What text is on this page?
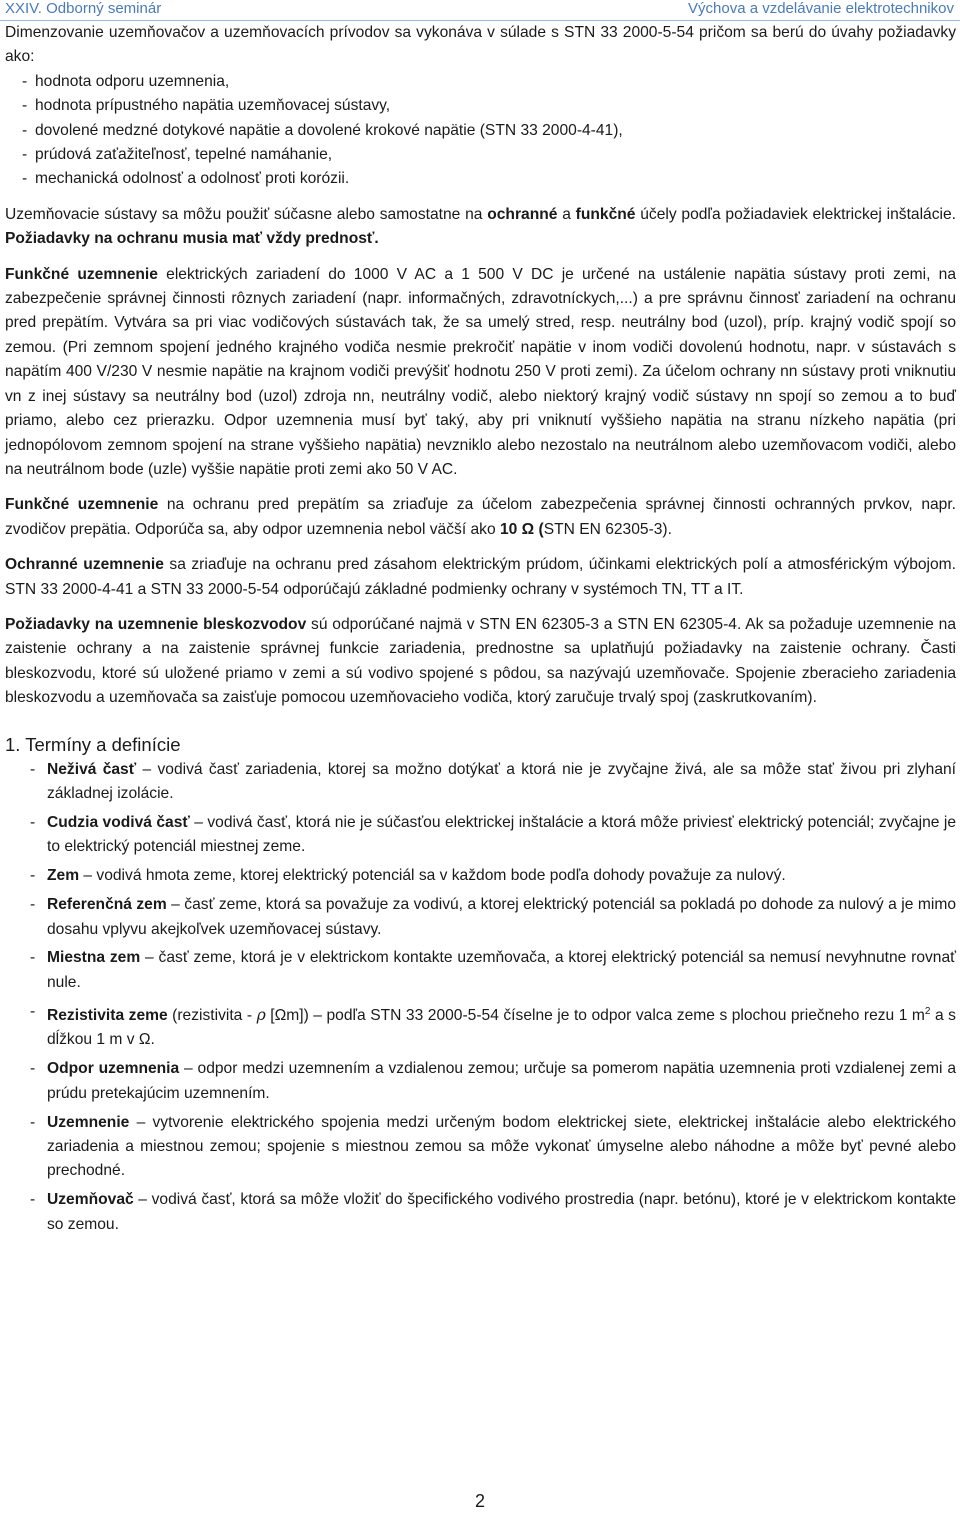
XXIV. Odborný seminár	Výchova a vzdelávanie elektrotechnikov

Dimenzovanie uzemňovačov a uzemňovacích prívodov sa vykonáva v súlade s STN 33 2000-5-54 pričom sa berú do úvahy požiadavky ako:

- hodnota odporu uzemnenia,
- hodnota prípustného napätia uzemňovacej sústavy,
- dovolené medzné dotykové napätie a dovolené krokové napätie (STN 33 2000-4-41),
- prúdová zaťažiteľnosť, tepelné namáhanie,
- mechanická odolnosť a odolnosť proti korózii.

Uzemňovacie sústavy sa môžu použiť súčasne alebo samostatne na ochranné a funkčné účely podľa požiadaviek elektrickej inštalácie. Požiadavky na ochranu musia mať vždy prednosť.

Funkčné uzemnenie elektrických zariadení do 1000 V AC a 1 500 V DC je určené na ustálenie napätia sústavy proti zemi, na zabezpečenie správnej činnosti rôznych zariadení (napr. informačných, zdravotníckych,...) a pre správnu činnosť zariadení na ochranu pred prepätím. Vytvára sa pri viac vodičových sústavách tak, že sa umelý stred, resp. neutrálny bod (uzol), príp. krajný vodič spojí so zemou. (Pri zemnom spojení jedného krajného vodiča nesmie prekročiť napätie v inom vodiči dovolenú hodnotu, napr. v sústavách s napätím 400 V/230 V nesmie napätie na krajnom vodiči prevýšiť hodnotu 250 V proti zemi). Za účelom ochrany nn sústavy proti vniknutiu vn z inej sústavy sa neutrálny bod (uzol) zdroja nn, neutrálny vodič, alebo niektorý krajný vodič sústavy nn spojí so zemou a to buď priamo, alebo cez prierazku. Odpor uzemnenia musí byť taký, aby pri vniknutí vyššieho napätia na stranu nízkeho napätia (pri jednopólovom zemnom spojení na strane vyššieho napätia) nevzniklo alebo nezostalo na neutrálnom alebo uzemňovacom vodiči, alebo na neutrálnom bode (uzle) vyššie napätie proti zemi ako 50 V AC.

Funkčné uzemnenie na ochranu pred prepätím sa zriaďuje za účelom zabezpečenia správnej činnosti ochranných prvkov, napr. zvodičov prepätia. Odporúča sa, aby odpor uzemnenia nebol väčší ako 10 Ω (STN EN 62305-3).

Ochranné uzemnenie sa zriaďuje na ochranu pred zásahom elektrickým prúdom, účinkami elektrických polí a atmosférickým výbojom. STN 33 2000-4-41 a STN 33 2000-5-54 odporúčajú základné podmienky ochrany v systémoch TN, TT a IT.

Požiadavky na uzemnenie bleskozvodov sú odporúčané najmä v STN EN 62305-3 a STN EN 62305-4. Ak sa požaduje uzemnenie na zaistenie ochrany a na zaistenie správnej funkcie zariadenia, prednostne sa uplatňujú požiadavky na zaistenie ochrany. Časti bleskozvodu, ktoré sú uložené priamo v zemi a sú vodivo spojené s pôdou, sa nazývajú uzemňovače. Spojenie zberacieho zariadenia bleskozvodu a uzemňovača sa zaisťuje pomocou uzemňovacieho vodiča, ktorý zaručuje trvalý spoj (zaskrutkovaním).

1. Termíny a definície
- Neživá časť – vodivá časť zariadenia, ktorej sa možno dotýkať a ktorá nie je zvyčajne živá, ale sa môže stať živou pri zlyhaní základnej izolácie.
- Cudzia vodivá časť – vodivá časť, ktorá nie je súčasťou elektrickej inštalácie a ktorá môže priviesť elektrický potenciál; zvyčajne je to elektrický potenciál miestnej zeme.
- Zem – vodivá hmota zeme, ktorej elektrický potenciál sa v každom bode podľa dohody považuje za nulový.
- Referenčná zem – časť zeme, ktorá sa považuje za vodivú, a ktorej elektrický potenciál sa pokladá po dohode za nulový a je mimo dosahu vplyvu akejkoľvek uzemňovacej sústavy.
- Miestna zem – časť zeme, ktorá je v elektrickom kontakte uzemňovača, a ktorej elektrický potenciál sa nemusí nevyhnutne rovnať nule.
- Rezistivita zeme (rezistivita - ρ [Ωm]) – podľa STN 33 2000-5-54 číselne je to odpor valca zeme s plochou priečneho rezu 1 $m^2$ a s dĺžkou 1 m v Ω.
- Odpor uzemnenia – odpor medzi uzemnením a vzdialenou zemou; určuje sa pomerom napätia uzemnenia proti vzdialenej zemi a prúdu pretekajúcim uzemnením.
- Uzemnenie – vytvorenie elektrického spojenia medzi určeným bodom elektrickej siete, elektrickej inštalácie alebo elektrického zariadenia a miestnou zemou; spojenie s miestnou zemou sa môže vykonať úmyselne alebo náhodne a môže byť pevné alebo prechodné.
- Uzemňovač – vodivá časť, ktorá sa môže vložiť do špecifického vodivého prostredia (napr. betónu), ktoré je v elektrickom kontakte so zemou.
2
